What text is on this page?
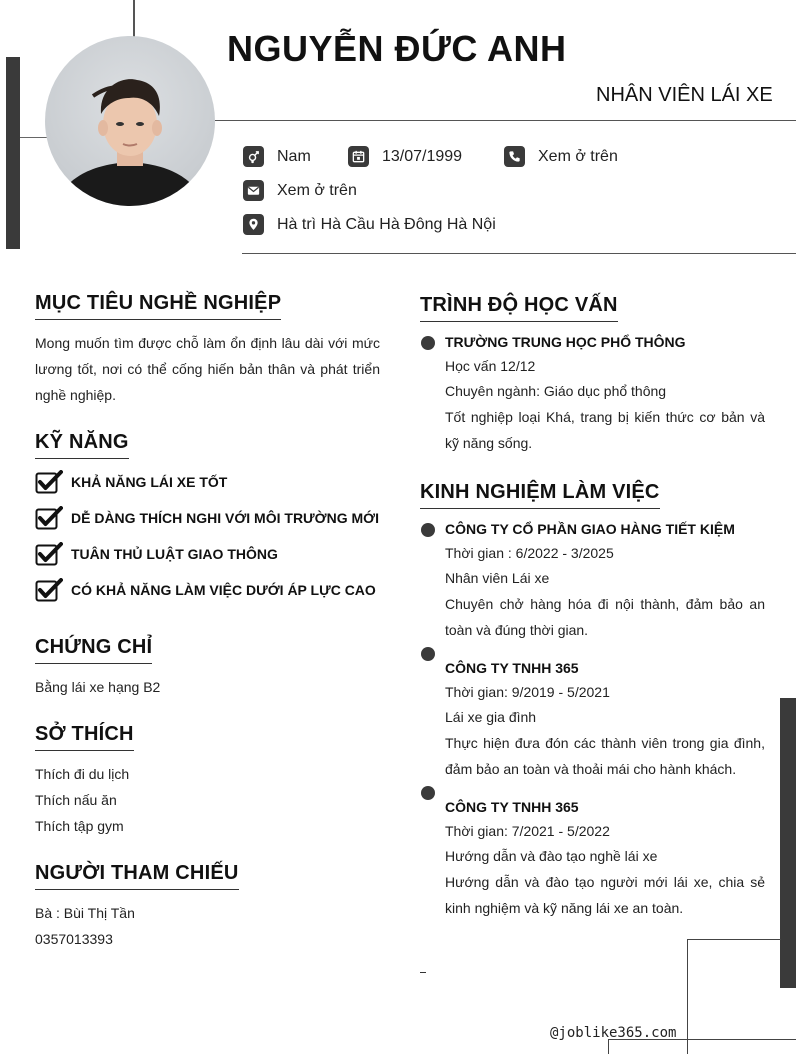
NGUYỄN ĐỨC ANH
NHÂN VIÊN LÁI XE
Nam	13/07/1999	Xem ở trên
Xem ở trên
Hà trì Hà Cầu Hà Đông Hà Nội
MỤC TIÊU NGHỀ NGHIỆP
Mong muốn tìm được chỗ làm ổn định lâu dài với mức lương tốt, nơi có thể cống hiến bản thân và phát triển nghề nghiệp.
KỸ NĂNG
KHẢ NĂNG LÁI XE TỐT
DỄ DÀNG THÍCH NGHI VỚI MÔI TRƯỜNG MỚI
TUÂN THỦ LUẬT GIAO THÔNG
CÓ KHẢ NĂNG LÀM VIỆC DƯỚI ÁP LỰC CAO
CHỨNG CHỈ
Bằng lái xe hạng B2
SỞ THÍCH
Thích đi du lịch
Thích nấu ăn
Thích tập gym
NGƯỜI THAM CHIẾU
Bà : Bùi Thị Tần
0357013393
TRÌNH ĐỘ HỌC VẤN
TRƯỜNG TRUNG HỌC PHỔ THÔNG
Học vấn 12/12
Chuyên ngành: Giáo dục phổ thông
Tốt nghiệp loại Khá, trang bị kiến thức cơ bản và kỹ năng sống.
KINH NGHIỆM LÀM VIỆC
CÔNG TY CỔ PHẦN GIAO HÀNG TIẾT KIỆM
Thời gian : 6/2022 - 3/2025
Nhân viên Lái xe
Chuyên chở hàng hóa đi nội thành, đảm bảo an toàn và đúng thời gian.
CÔNG TY TNHH 365
Thời gian: 9/2019 - 5/2021
Lái xe gia đình
Thực hiện đưa đón các thành viên trong gia đình, đảm bảo an toàn và thoải mái cho hành khách.
CÔNG TY TNHH 365
Thời gian: 7/2021 - 5/2022
Hướng dẫn và đào tạo nghề lái xe
Hướng dẫn và đào tạo người mới lái xe, chia sẻ kinh nghiệm và kỹ năng lái xe an toàn.
@joblike365.com
